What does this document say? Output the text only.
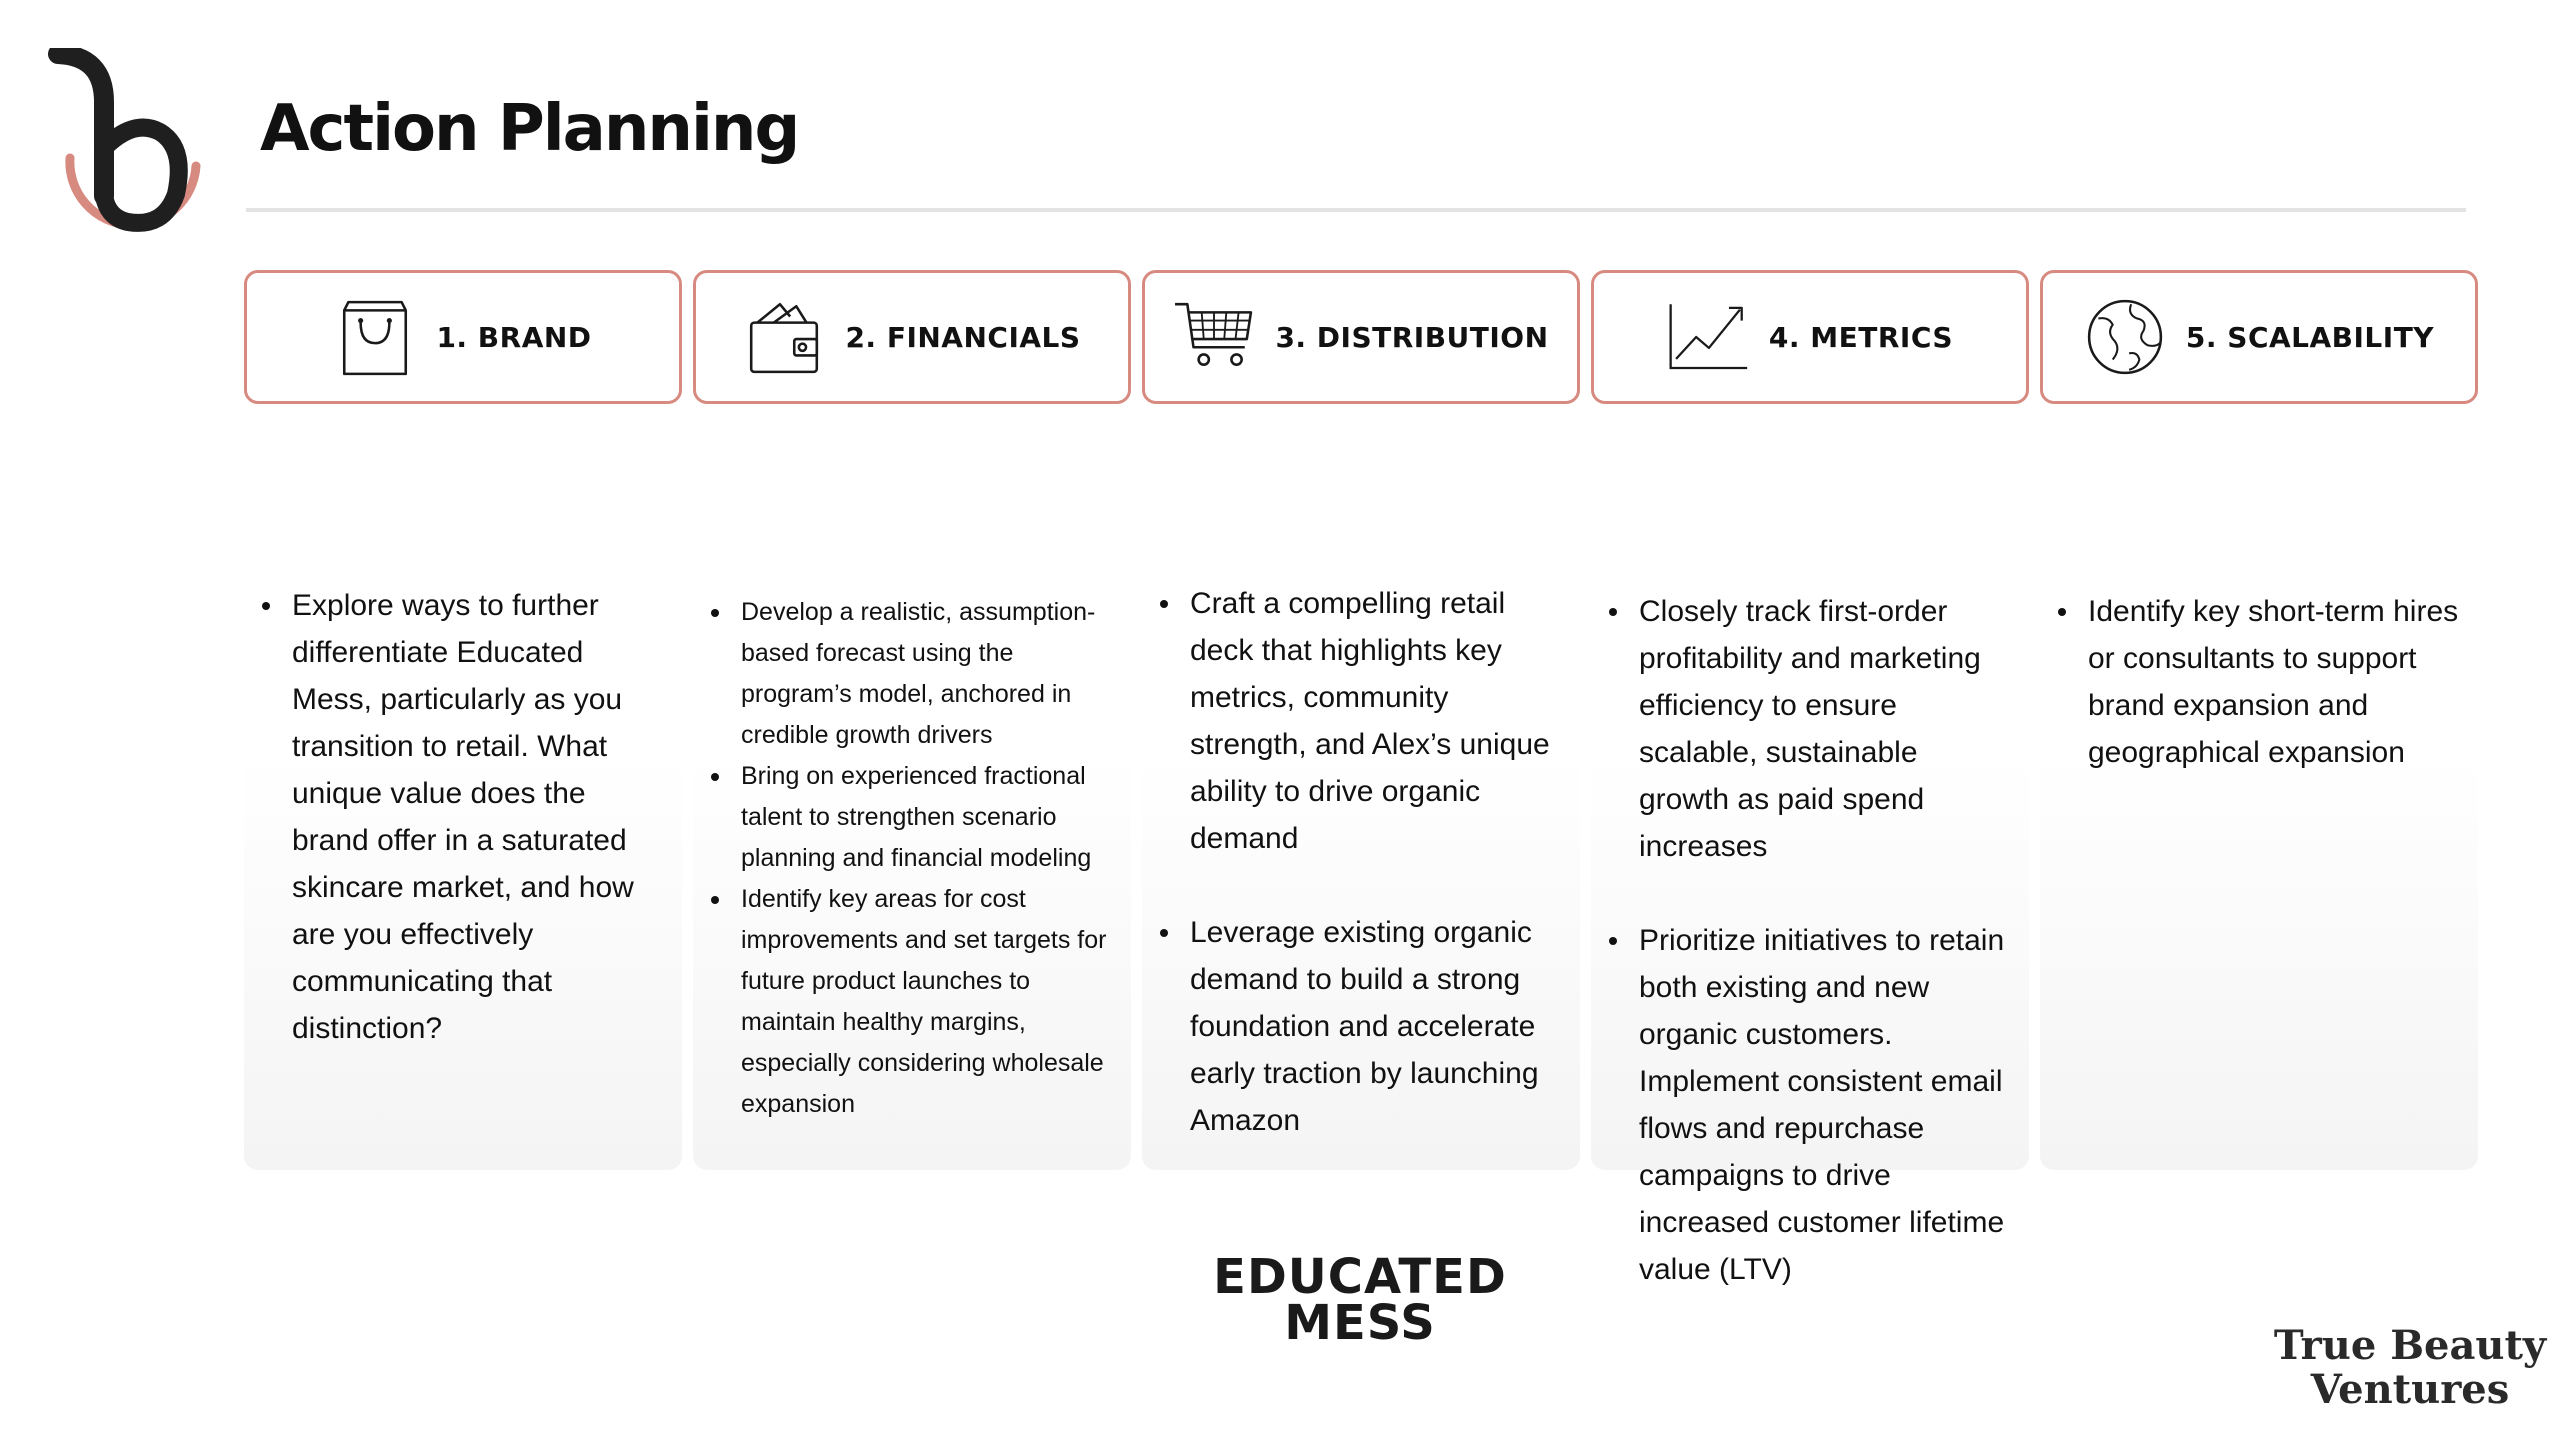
Action Planning
1. BRAND
Explore ways to further differentiate Educated Mess, particularly as you transition to retail. What unique value does the brand offer in a saturated skincare market, and how are you effectively communicating that distinction?
2. FINANCIALS
Develop a realistic, assumption-based forecast using the program’s model, anchored in credible growth drivers
Bring on experienced fractional talent to strengthen scenario planning and financial modeling
Identify key areas for cost improvements and set targets for future product launches to maintain healthy margins, especially considering wholesale expansion
3. DISTRIBUTION
Craft a compelling retail deck that highlights key metrics, community strength, and Alex’s unique ability to drive organic demand
Leverage existing organic demand to build a strong foundation and accelerate early traction by launching Amazon
4. METRICS
Closely track first-order profitability and marketing efficiency to ensure scalable, sustainable growth as paid spend increases
Prioritize initiatives to retain both existing and new organic customers. Implement consistent email flows and repurchase campaigns to drive increased customer lifetime value (LTV)
5. SCALABILITY
Identify key short-term hires or consultants to support brand expansion and geographical expansion
EDUCATED
MESS	True Beauty
Ventures
